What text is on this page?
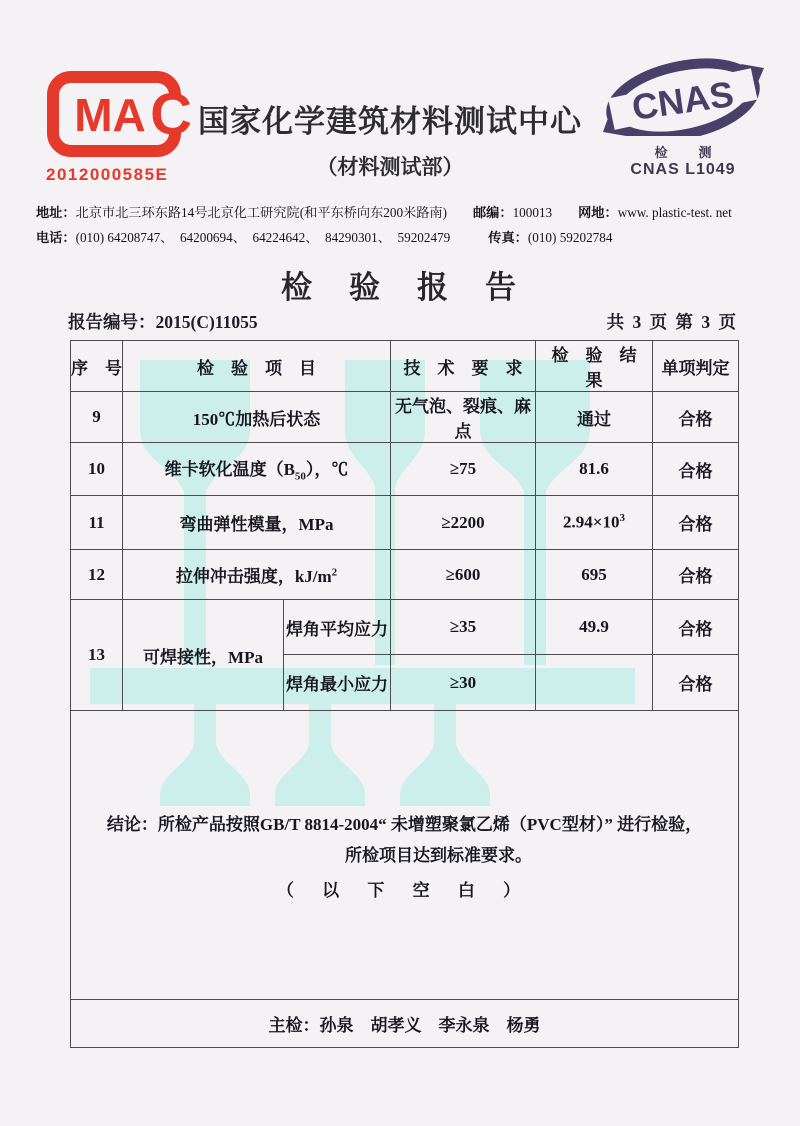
MA C
2012000585E
国家化学建筑材料测试中心
（材料测试部）
CNAS
检　测
CNAS L1049
地址：北京市北三环东路14号北京化工研究院(和平东桥向东200米路南) 邮编：100013 网地：www. plastic-test. net
电话：(010) 64208747、　64200694、　64224642、　84290301、　59202479	传真：(010) 59202784
检　验　报　告
报告编号：2015(C)11055	共 3 页 第 3 页
序　号	检　验　项　目		技　术　要　求	检　验　结　果	单项判定
9	150℃加热后状态		无气泡、裂痕、麻点	通过	合格
10	维卡软化温度$(B_{50})$，℃		≥75	81.6	合格
11	弯曲弹性模量，MPa		≥2200	$2.94\times 10^3$	合格
12	拉伸冲击强度，$kJ/m^2$		≥600	695	合格
13	可焊接性，MPa	焊角平均应力	≥35	49.9	合格
		焊角最小应力	≥30		合格

结论：所检产品按照GB/T 8814-2004“ 未增塑聚氯乙烯（PVC型材）” 进行检验，
所检项目达到标准要求。
（ 以 下 空 白 ）					

主检：孙泉　胡孝义　李永泉　杨勇					
